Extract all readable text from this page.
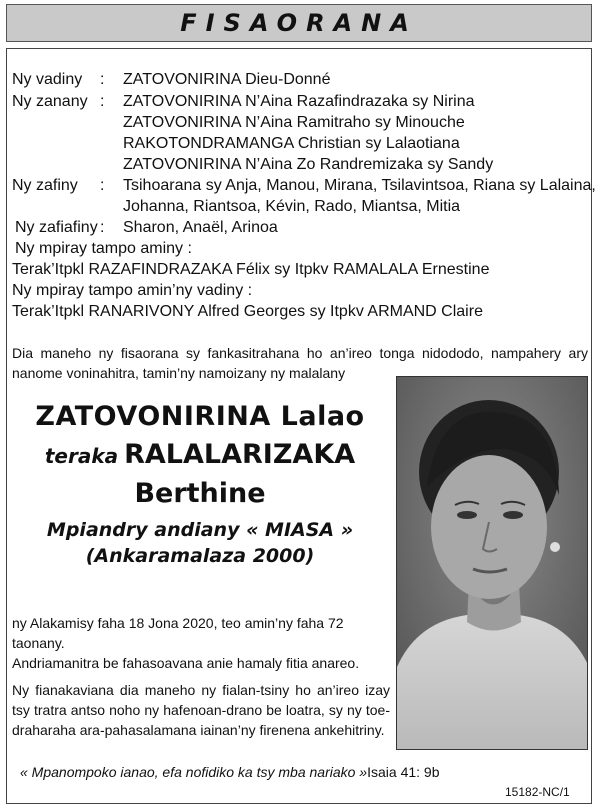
FISAORANA
Ny vadiny : ZATOVONIRINA Dieu-Donné
Ny zanany : ZATOVONIRINA N’Aina Razafindrazaka sy Nirina
ZATOVONIRINA N’Aina Ramitraho sy Minouche
RAKOTONDRAMANGA Christian sy Lalaotiana
ZATOVONIRINA N’Aina Zo Randremizaka sy Sandy
Ny zafiny : Tsihoarana sy Anja, Manou, Mirana, Tsilavintsoa, Riana sy Lalaina,
Johanna, Riantsoa, Kévin, Rado, Miantsa, Mitia
Ny zafiafiny : Sharon, Anaël, Arinoa
Ny mpiray tampo aminy :
Terak’Itpkl RAZAFINDRAZAKA Félix sy Itpkv RAMALALA Ernestine
Ny mpiray tampo amin’ny vadiny :
Terak’Itpkl RANARIVONY Alfred Georges sy Itpkv ARMAND Claire
Dia maneho ny fisaorana sy fankasitrahana ho an’ireo tonga nidododo, nampahery ary
nanome voninahitra, tamin’ny namoizany ny malalany
ZATOVONIRINA Lalao
teraka RALALARIZAKA
Berthine
Mpiandry andiany « MIASA »
(Ankaramalaza 2000)
ny Alakamisy faha 18 Jona 2020, teo amin’ny faha 72 taonany.
Andriamanitra be fahasoavana anie hamaly fitia anareo.
Ny fianakaviana dia maneho ny fialan-tsiny ho an’ireo izay
tsy tratra antso noho ny hafenoan-drano be loatra, sy ny toe-
draharaha ara-pahasalamana iainan’ny firenena ankehitriny.
« Mpanompoko ianao, efa nofidiko ka tsy mba nariako »Isaia 41: 9b
15182-NC/1
